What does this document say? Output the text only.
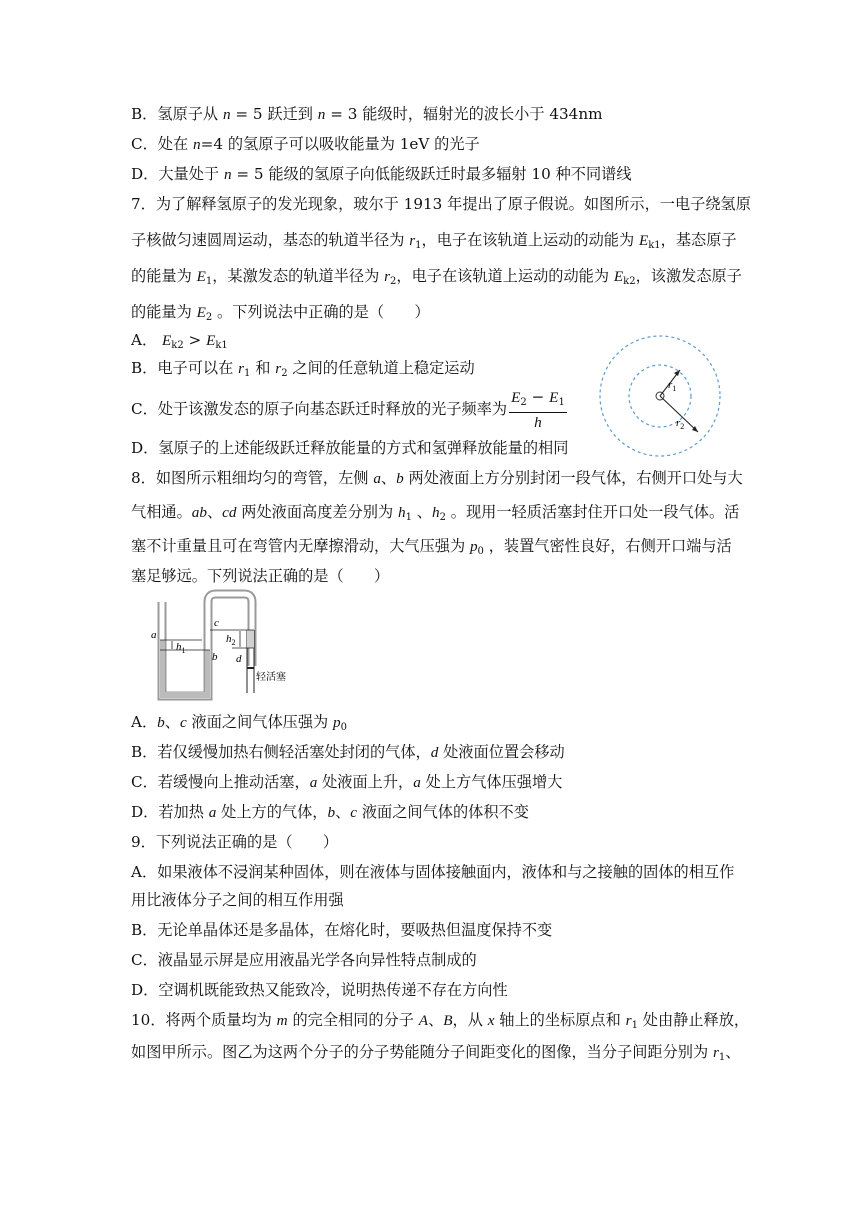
B．氢原子从 n = 5 跃迁到 n = 3 能级时，辐射光的波长小于 434nm
C．处在 n=4 的氢原子可以吸收能量为 1eV 的光子
D．大量处于 n = 5 能级的氢原子向低能级跃迁时最多辐射 10 种不同谱线
7．为了解释氢原子的发光现象，玻尔于 1913 年提出了原子假说。如图所示，一电子绕氢原
子核做匀速圆周运动，基态的轨道半径为 $r_1$，电子在该轨道上运动的动能为 $E_{k1}$，基态原子
的能量为 $E_1$，某激发态的轨道半径为 $r_2$，电子在该轨道上运动的动能为 $E_{k2}$，该激发态原子
的能量为 $E_2$ 。下列说法中正确的是（　　）
A． $E_{k2} > E_{k1}$
B．电子可以在 $r_1$ 和 $r_2$ 之间的任意轨道上稳定运动
C．处于该激发态的原子向基态跃迁时释放的光子频率为 $\frac{E_2 - E_1}{h}$
D．氢原子的上述能级跃迁释放能量的方式和氢弹释放能量的相同
$r_1$
$r_2$
8．如图所示粗细均匀的弯管，左侧 a、b 两处液面上方分别封闭一段气体，右侧开口处与大
气相通。ab、cd 两处液面高度差分别为 $h_1$ 、$h_2$ 。现用一轻质活塞封住开口处一段气体。活
塞不计重量且可在弯管内无摩擦滑动，大气压强为 $p_0$ ，装置气密性良好，右侧开口端与活
塞足够远。下列说法正确的是（　　）
a
$h_1$
b
c
$h_2$
d
轻活塞
A．b、c 液面之间气体压强为 $p_0$
B．若仅缓慢加热右侧轻活塞处封闭的气体，d 处液面位置会移动
C．若缓慢向上推动活塞，a 处液面上升，a 处上方气体压强增大
D．若加热 a 处上方的气体，b、c 液面之间气体的体积不变
9．下列说法正确的是（　　）
A．如果液体不浸润某种固体，则在液体与固体接触面内，液体和与之接触的固体的相互作
用比液体分子之间的相互作用强
B．无论单晶体还是多晶体，在熔化时，要吸热但温度保持不变
C．液晶显示屏是应用液晶光学各向异性特点制成的
D．空调机既能致热又能致冷，说明热传递不存在方向性
10．将两个质量均为 m 的完全相同的分子 A、B，从 x 轴上的坐标原点和 $r_1$ 处由静止释放，
如图甲所示。图乙为这两个分子的分子势能随分子间距变化的图像，当分子间距分别为 $r_1$、
